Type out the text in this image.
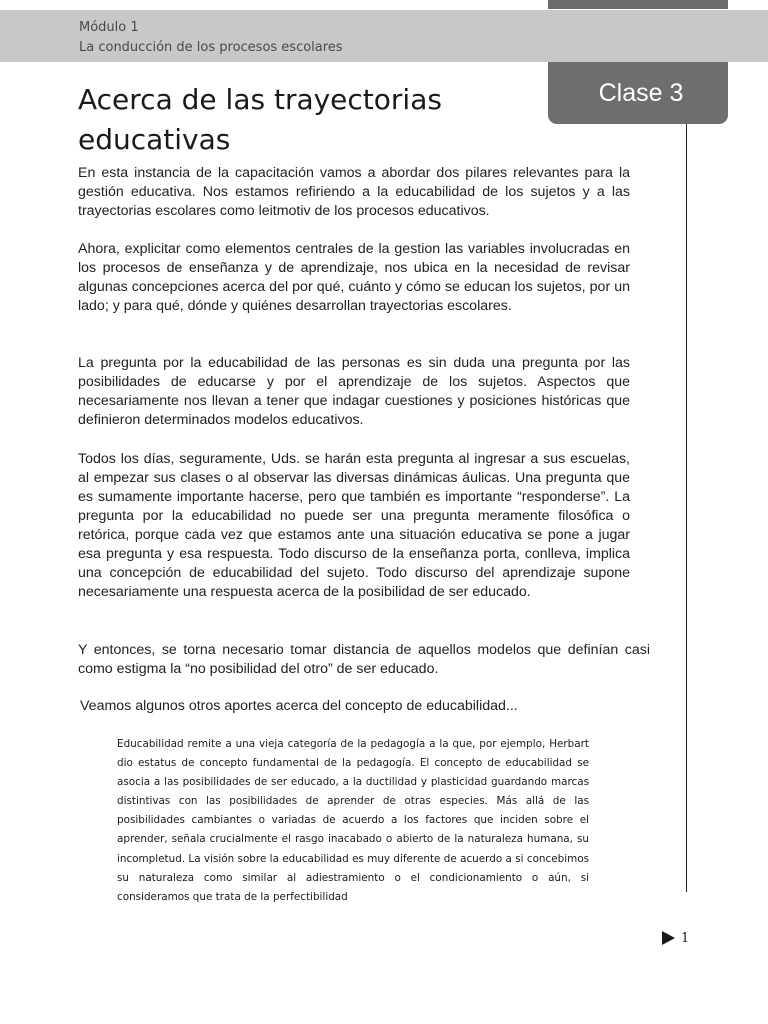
Módulo 1
La conducción de los procesos escolares
Clase 3
Acerca de las trayectorias educativas

En esta instancia de la capacitación vamos a abordar dos pilares relevantes para la gestión educativa. Nos estamos refiriendo a la educabilidad de los sujetos y a las trayectorias escolares como leitmotiv de los procesos educativos.

Ahora, explicitar como elementos centrales de la gestion las variables involucradas en los procesos de enseñanza y de aprendizaje, nos ubica en la necesidad de revisar algunas concepciones acerca del por qué, cuánto y cómo se educan los sujetos, por un lado; y para qué, dónde y quiénes desarrollan trayectorias escolares.

La pregunta por la educabilidad de las personas es sin duda una pregunta por las posibilidades de educarse y por el aprendizaje de los sujetos. Aspectos que necesariamente nos llevan a tener que indagar cuestiones y posiciones históricas que definieron determinados modelos educativos.

Todos los días, seguramente, Uds. se harán esta pregunta al ingresar a sus escuelas, al empezar sus clases o al observar las diversas dinámicas áulicas. Una pregunta que es sumamente importante hacerse, pero que también es importante “responderse”. La pregunta por la educabilidad no puede ser una pregunta meramente filosófica o retórica, porque cada vez que estamos ante una situación educativa se pone a jugar esa pregunta y esa respuesta. Todo discurso de la enseñanza porta, conlleva, implica una concepción de educabilidad del sujeto. Todo discurso del aprendizaje supone necesariamente una respuesta acerca de la posibilidad de ser educado.

Y entonces, se torna necesario tomar distancia de aquellos modelos que definían casi como estigma la “no posibilidad del otro” de ser educado.

Veamos algunos otros aportes acerca del concepto de educabilidad...

Educabilidad remite a una vieja categoría de la pedagogía a la que, por ejemplo, Herbart dio estatus de concepto fundamental de la pedagogía. El concepto de educabilidad se asocia a las posibilidades de ser educado, a la ductilidad y plasticidad guardando marcas distintivas con las posibilidades de aprender de otras especies. Más allá de las posibilidades cambiantes o variadas de acuerdo a los factores que inciden sobre el aprender, señala crucialmente el rasgo inacabado o abierto de la naturaleza humana, su incompletud. La visión sobre la educabilidad es muy diferente de acuerdo a si concebimos su naturaleza como similar al adiestramiento o el condicionamiento o aún, si consideramos que trata de la perfectibilidad

1
